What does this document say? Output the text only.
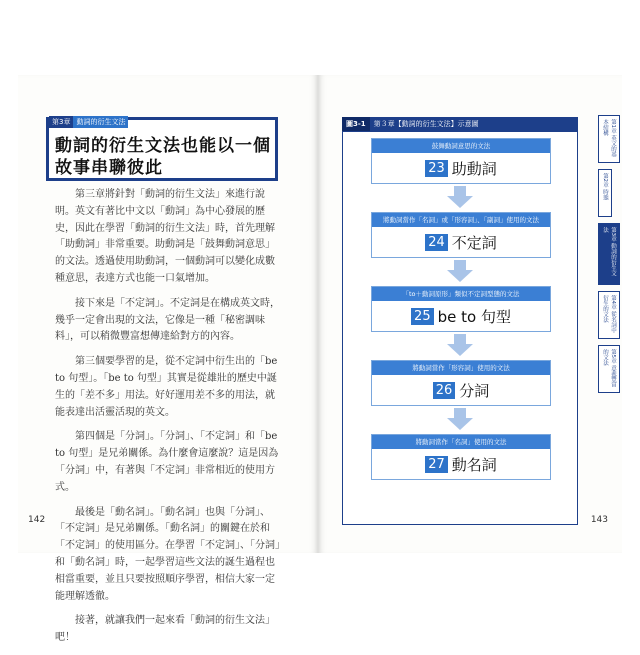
第3章 動詞的衍生文法
動詞的衍生文法也能以一個
故事串聯彼此

第三章將針對「動詞的衍生文法」來進行說明。英文有著比中文以「動詞」為中心發展的歷史，因此在學習「動詞的衍生文法」時，首先理解「助動詞」非常重要。助動詞是「鼓舞動詞意思」的文法。透過使用助動詞，一個動詞可以變化成數種意思，表達方式也能一口氣增加。

接下來是「不定詞」。不定詞是在構成英文時，幾乎一定會出現的文法，它像是一種「秘密調味料」，可以稍微豐富想傳達給對方的內容。

第三個要學習的是，從不定詞中衍生出的「be to 句型」。「be to 句型」其實是從雄壯的歷史中誕生的「差不多」用法。好好運用差不多的用法，就能表達出活靈活現的英文。

第四個是「分詞」。「分詞」、「不定詞」和「be to 句型」是兄弟關係。為什麼會這麼說？這是因為「分詞」中，有著與「不定詞」非常相近的使用方式。

最後是「動名詞」。「動名詞」也與「分詞」、「不定詞」是兄弟關係。「動名詞」的關鍵在於和「不定詞」的使用區分。在學習「不定詞」、「分詞」和「動名詞」時，一起學習這些文法的誕生過程也相當重要，並且只要按照順序學習，相信大家一定能理解透徹。

接著，就讓我們一起來看「動詞的衍生文法」吧！

142
圖3-1	第３章【動詞的衍生文法】示意圖
鼓舞動詞意思的文法
23 助動詞
將動詞當作「名詞」或「形容詞」、「副詞」使用的文法
24 不定詞
「to＋動詞原形」類似不定詞型態的文法
25 be to 句型
將動詞當作「形容詞」使用的文法
26 分詞
將動詞當作「名詞」使用的文法
27 動名詞
第1章 英文的基本結構
第2章 時態
第3章 動詞的衍生文法
第4章 從名詞中衍生的文法
第5章 意義豐富的文法
143
